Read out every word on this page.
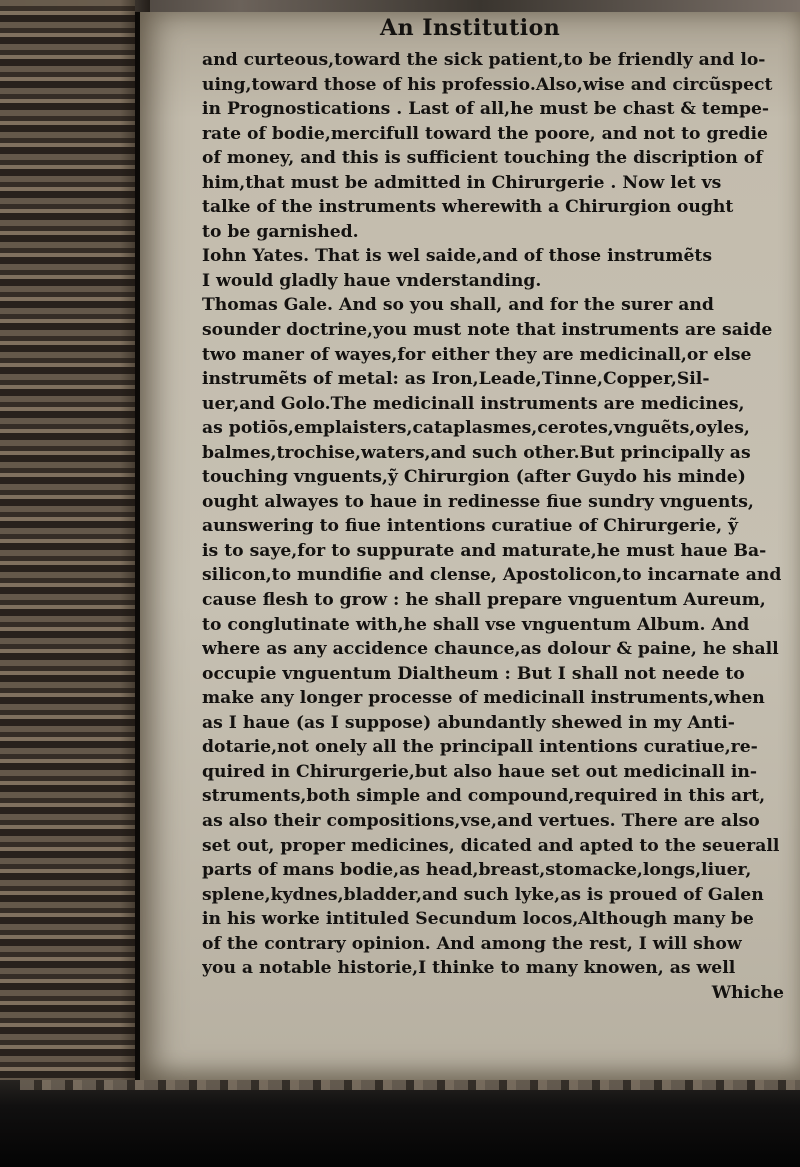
An Institution
and curteous,toward the sick patient,to be friendly and lo-
uing,toward those of his professio.Also,wise and circũspect
in Prognostications . Last of all,he must be chast & tempe-
rate of bodie,mercifull toward the poore, and not to gredie
of money, and this is sufficient touching the discription of
him,that must be admitted in Chirurgerie . Now let vs
talke of the instruments wherewith a Chirurgion ought
to be garnished.
Iohn Yates. That is wel saide,and of those instrumẽts
I would gladly haue vnderstanding.
Thomas Gale. And so you shall, and for the surer and
sounder doctrine,you must note that instruments are saide
two maner of wayes,for either they are medicinall,or else
instrumẽts of metal: as Iron,Leade,Tinne,Copper,Sil-
uer,and Golo.The medicinall instruments are medicines,
as potiōs,emplaisters,cataplasmes,cerotes,vnguẽts,oyles,
balmes,trochise,waters,and such other.But principally as
touching vnguents,ỹ Chirurgion (after Guydo his minde)
ought alwayes to haue in redinesse fiue sundry vnguents,
aunswering to fiue intentions curatiue of Chirurgerie, ỹ
is to saye,for to suppurate and maturate,he must haue Ba-
silicon,to mundifie and clense, Apostolicon,to incarnate and
cause flesh to grow : he shall prepare vnguentum Aureum,
to conglutinate with,he shall vse vnguentum Album. And
where as any accidence chaunce,as dolour & paine, he shall
occupie vnguentum Dialtheum : But I shall not neede to
make any longer processe of medicinall instruments,when
as I haue (as I suppose) abundantly shewed in my Anti-
dotarie,not onely all the principall intentions curatiue,re-
quired in Chirurgerie,but also haue set out medicinall in-
struments,both simple and compound,required in this art,
as also their compositions,vse,and vertues. There are also
set out, proper medicines, dicated and apted to the seuerall
parts of mans bodie,as head,breast,stomacke,longs,liuer,
splene,kydnes,bladder,and such lyke,as is proued of Galen
in his worke intituled Secundum locos,Although many be
of the contrary opinion. And among the rest, I will show
you a notable historie,I thinke to many knowen, as well
Whiche
